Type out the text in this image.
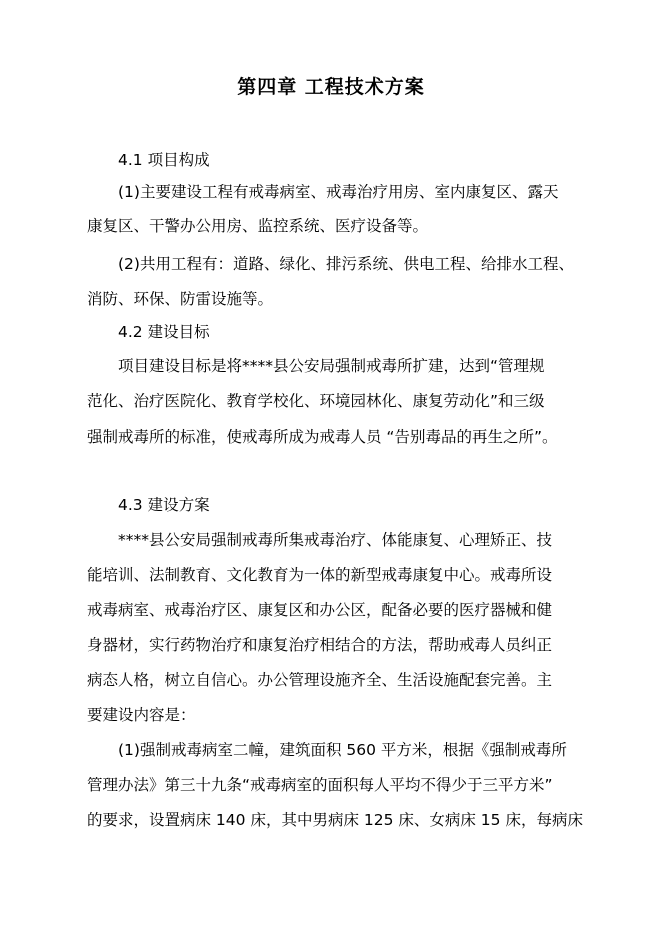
第四章 工程技术方案
4.1 项目构成
(1)主要建设工程有戒毒病室、戒毒治疗用房、室内康复区、露天
康复区、干警办公用房、监控系统、医疗设备等。
(2)共用工程有：道路、绿化、排污系统、供电工程、给排水工程、
消防、环保、防雷设施等。
4.2 建设目标
项目建设目标是将****县公安局强制戒毒所扩建，达到“管理规
范化、治疗医院化、教育学校化、环境园林化、康复劳动化”和三级
强制戒毒所的标准，使戒毒所成为戒毒人员 “告别毒品的再生之所”。
4.3 建设方案
****县公安局强制戒毒所集戒毒治疗、体能康复、心理矫正、技
能培训、法制教育、文化教育为一体的新型戒毒康复中心。戒毒所设
戒毒病室、戒毒治疗区、康复区和办公区，配备必要的医疗器械和健
身器材，实行药物治疗和康复治疗相结合的方法，帮助戒毒人员纠正
病态人格，树立自信心。办公管理设施齐全、生活设施配套完善。主
要建设内容是：
(1)强制戒毒病室二幢，建筑面积 560 平方米，根据《强制戒毒所
管理办法》第三十九条“戒毒病室的面积每人平均不得少于三平方米”
的要求，设置病床 140 床，其中男病床 125 床、女病床 15 床，每病床
